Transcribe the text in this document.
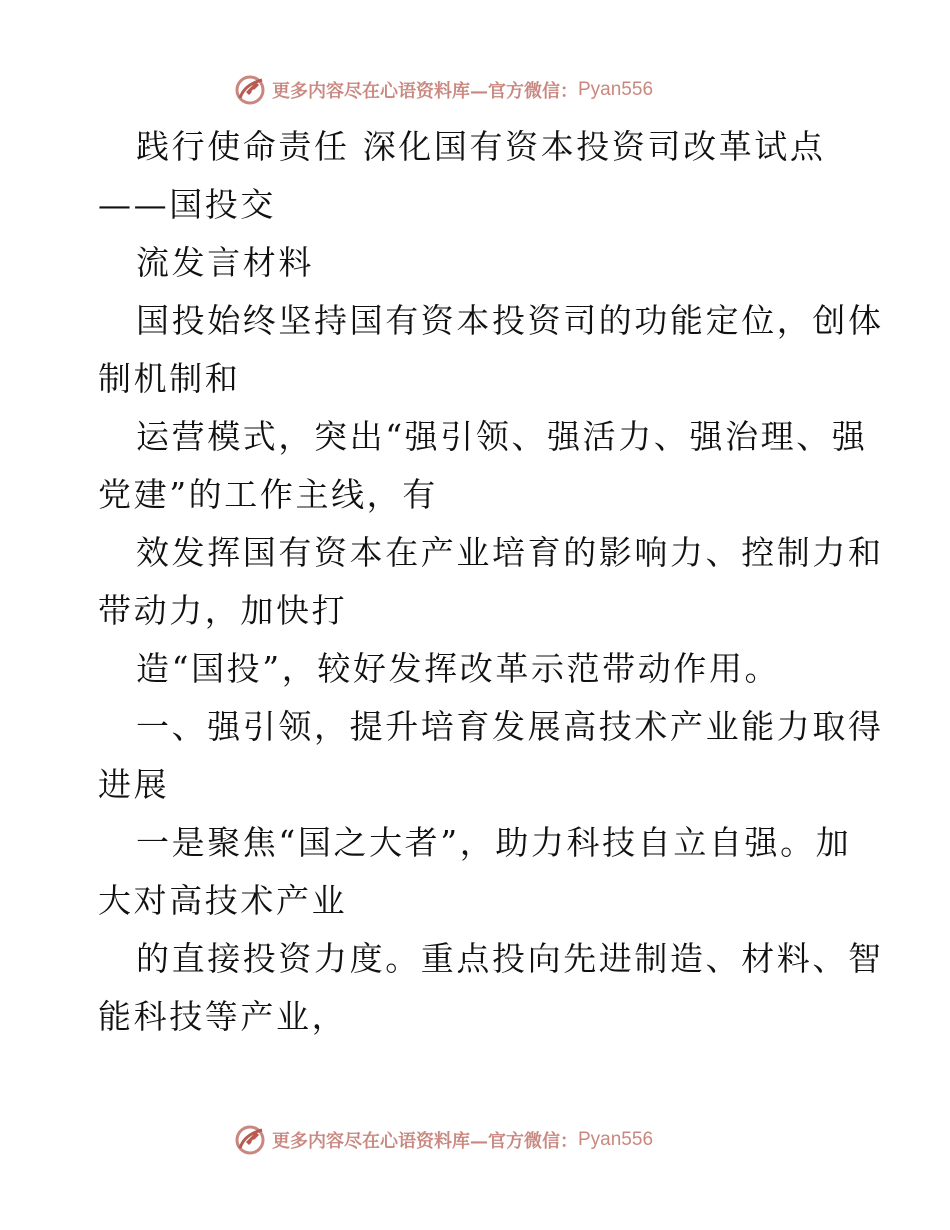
更多内容尽在心语资料库—官方微信： Pyan556
践行使命责任 深化国有资本投资司改革试点
——国投交
流发言材料
国投始终坚持国有资本投资司的功能定位，创体
制机制和
运营模式，突出“强引领、强活力、强治理、强
党建”的工作主线，有
效发挥国有资本在产业培育的影响力、控制力和
带动力，加快打
造“国投”，较好发挥改革示范带动作用。
一、强引领，提升培育发展高技术产业能力取得
进展
一是聚焦“国之大者”，助力科技自立自强。加
大对高技术产业
的直接投资力度。重点投向先进制造、材料、智
能科技等产业，
更多内容尽在心语资料库—官方微信： Pyan556
